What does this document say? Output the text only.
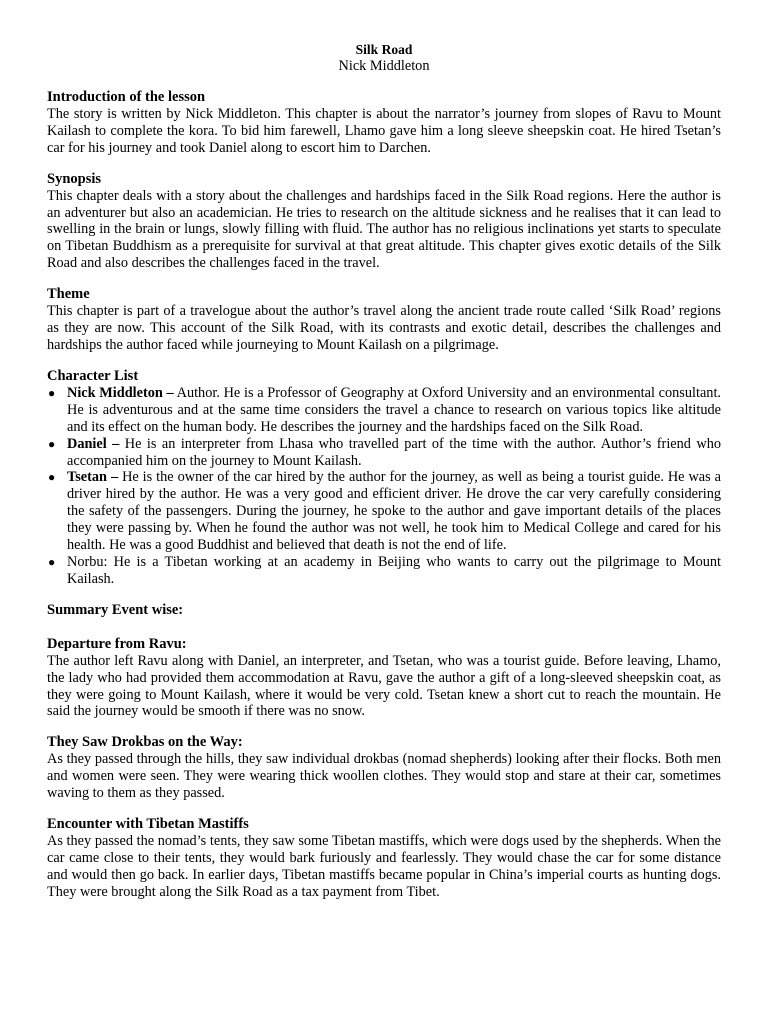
Silk Road

Nick Middleton

Introduction of the lesson

The story is written by Nick Middleton. This chapter is about the narrator’s journey from slopes of Ravu to Mount Kailash to complete the kora. To bid him farewell, Lhamo gave him a long sleeve sheepskin coat. He hired Tsetan’s car for his journey and took Daniel along to escort him to Darchen.

Synopsis

This chapter deals with a story about the challenges and hardships faced in the Silk Road regions. Here the author is an adventurer but also an academician. He tries to research on the altitude sickness and he realises that it can lead to swelling in the brain or lungs, slowly filling with fluid. The author has no religious inclinations yet starts to speculate on Tibetan Buddhism as a prerequisite for survival at that great altitude. This chapter gives exotic details of the Silk Road and also describes the challenges faced in the travel.

Theme

This chapter is part of a travelogue about the author’s travel along the ancient trade route called ‘Silk Road’ regions as they are now. This account of the Silk Road, with its contrasts and exotic detail, describes the challenges and hardships the author faced while journeying to Mount Kailash on a pilgrimage.

Character List
● Nick Middleton – Author. He is a Professor of Geography at Oxford University and an environmental consultant. He is adventurous and at the same time considers the travel a chance to research on various topics like altitude and its effect on the human body. He describes the journey and the hardships faced on the Silk Road.
● Daniel – He is an interpreter from Lhasa who travelled part of the time with the author. Author’s friend who accompanied him on the journey to Mount Kailash.
● Tsetan – He is the owner of the car hired by the author for the journey, as well as being a tourist guide. He was a driver hired by the author. He was a very good and efficient driver. He drove the car very carefully considering the safety of the passengers. During the journey, he spoke to the author and gave important details of the places they were passing by. When he found the author was not well, he took him to Medical College and cared for his health. He was a good Buddhist and believed that death is not the end of life.
● Norbu: He is a Tibetan working at an academy in Beijing who wants to carry out the pilgrimage to Mount Kailash.
Summary Event wise:
Departure from Ravu:

The author left Ravu along with Daniel, an interpreter, and Tsetan, who was a tourist guide. Before leaving, Lhamo, the lady who had provided them accommodation at Ravu, gave the author a gift of a long-sleeved sheepskin coat, as they were going to Mount Kailash, where it would be very cold. Tsetan knew a short cut to reach the mountain. He said the journey would be smooth if there was no snow.

They Saw Drokbas on the Way:

As they passed through the hills, they saw individual drokbas (nomad shepherds) looking after their flocks. Both men and women were seen. They were wearing thick woollen clothes. They would stop and stare at their car, sometimes waving to them as they passed.

Encounter with Tibetan Mastiffs

As they passed the nomad’s tents, they saw some Tibetan mastiffs, which were dogs used by the shepherds. When the car came close to their tents, they would bark furiously and fearlessly. They would chase the car for some distance and would then go back. In earlier days, Tibetan mastiffs became popular in China’s imperial courts as hunting dogs. They were brought along the Silk Road as a tax payment from Tibet.
